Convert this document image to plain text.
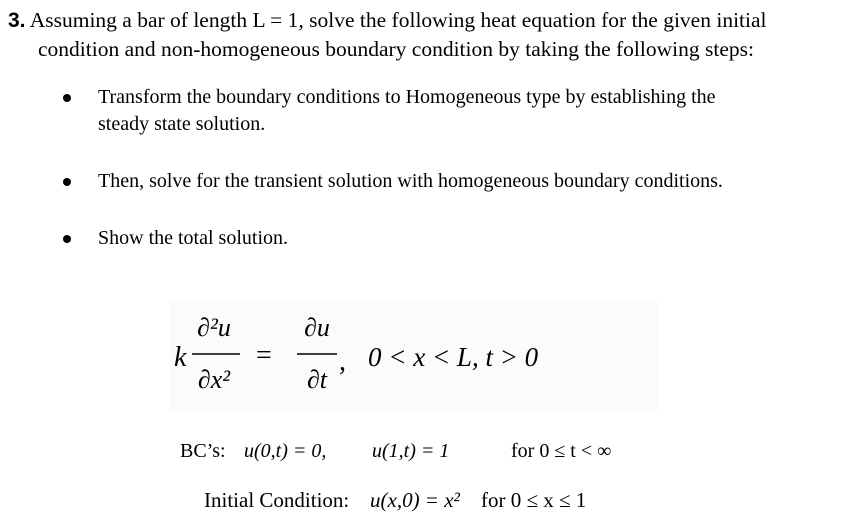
3. Assuming a bar of length L = 1, solve the following heat equation for the given initial
condition and non-homogeneous boundary condition by taking the following steps:
Transform the boundary conditions to Homogeneous type by establishing the
steady state solution.
Then, solve for the transient solution with homogeneous boundary conditions.
Show the total solution.
k
∂²u
∂x²
=
∂u
∂t
, 0 < x < L, t > 0
BC’s: u(0,t) = 0, u(1,t) = 1	for 0 ≤ t < ∞
Initial Condition: u(x,0) = x² for 0 ≤ x ≤ 1
